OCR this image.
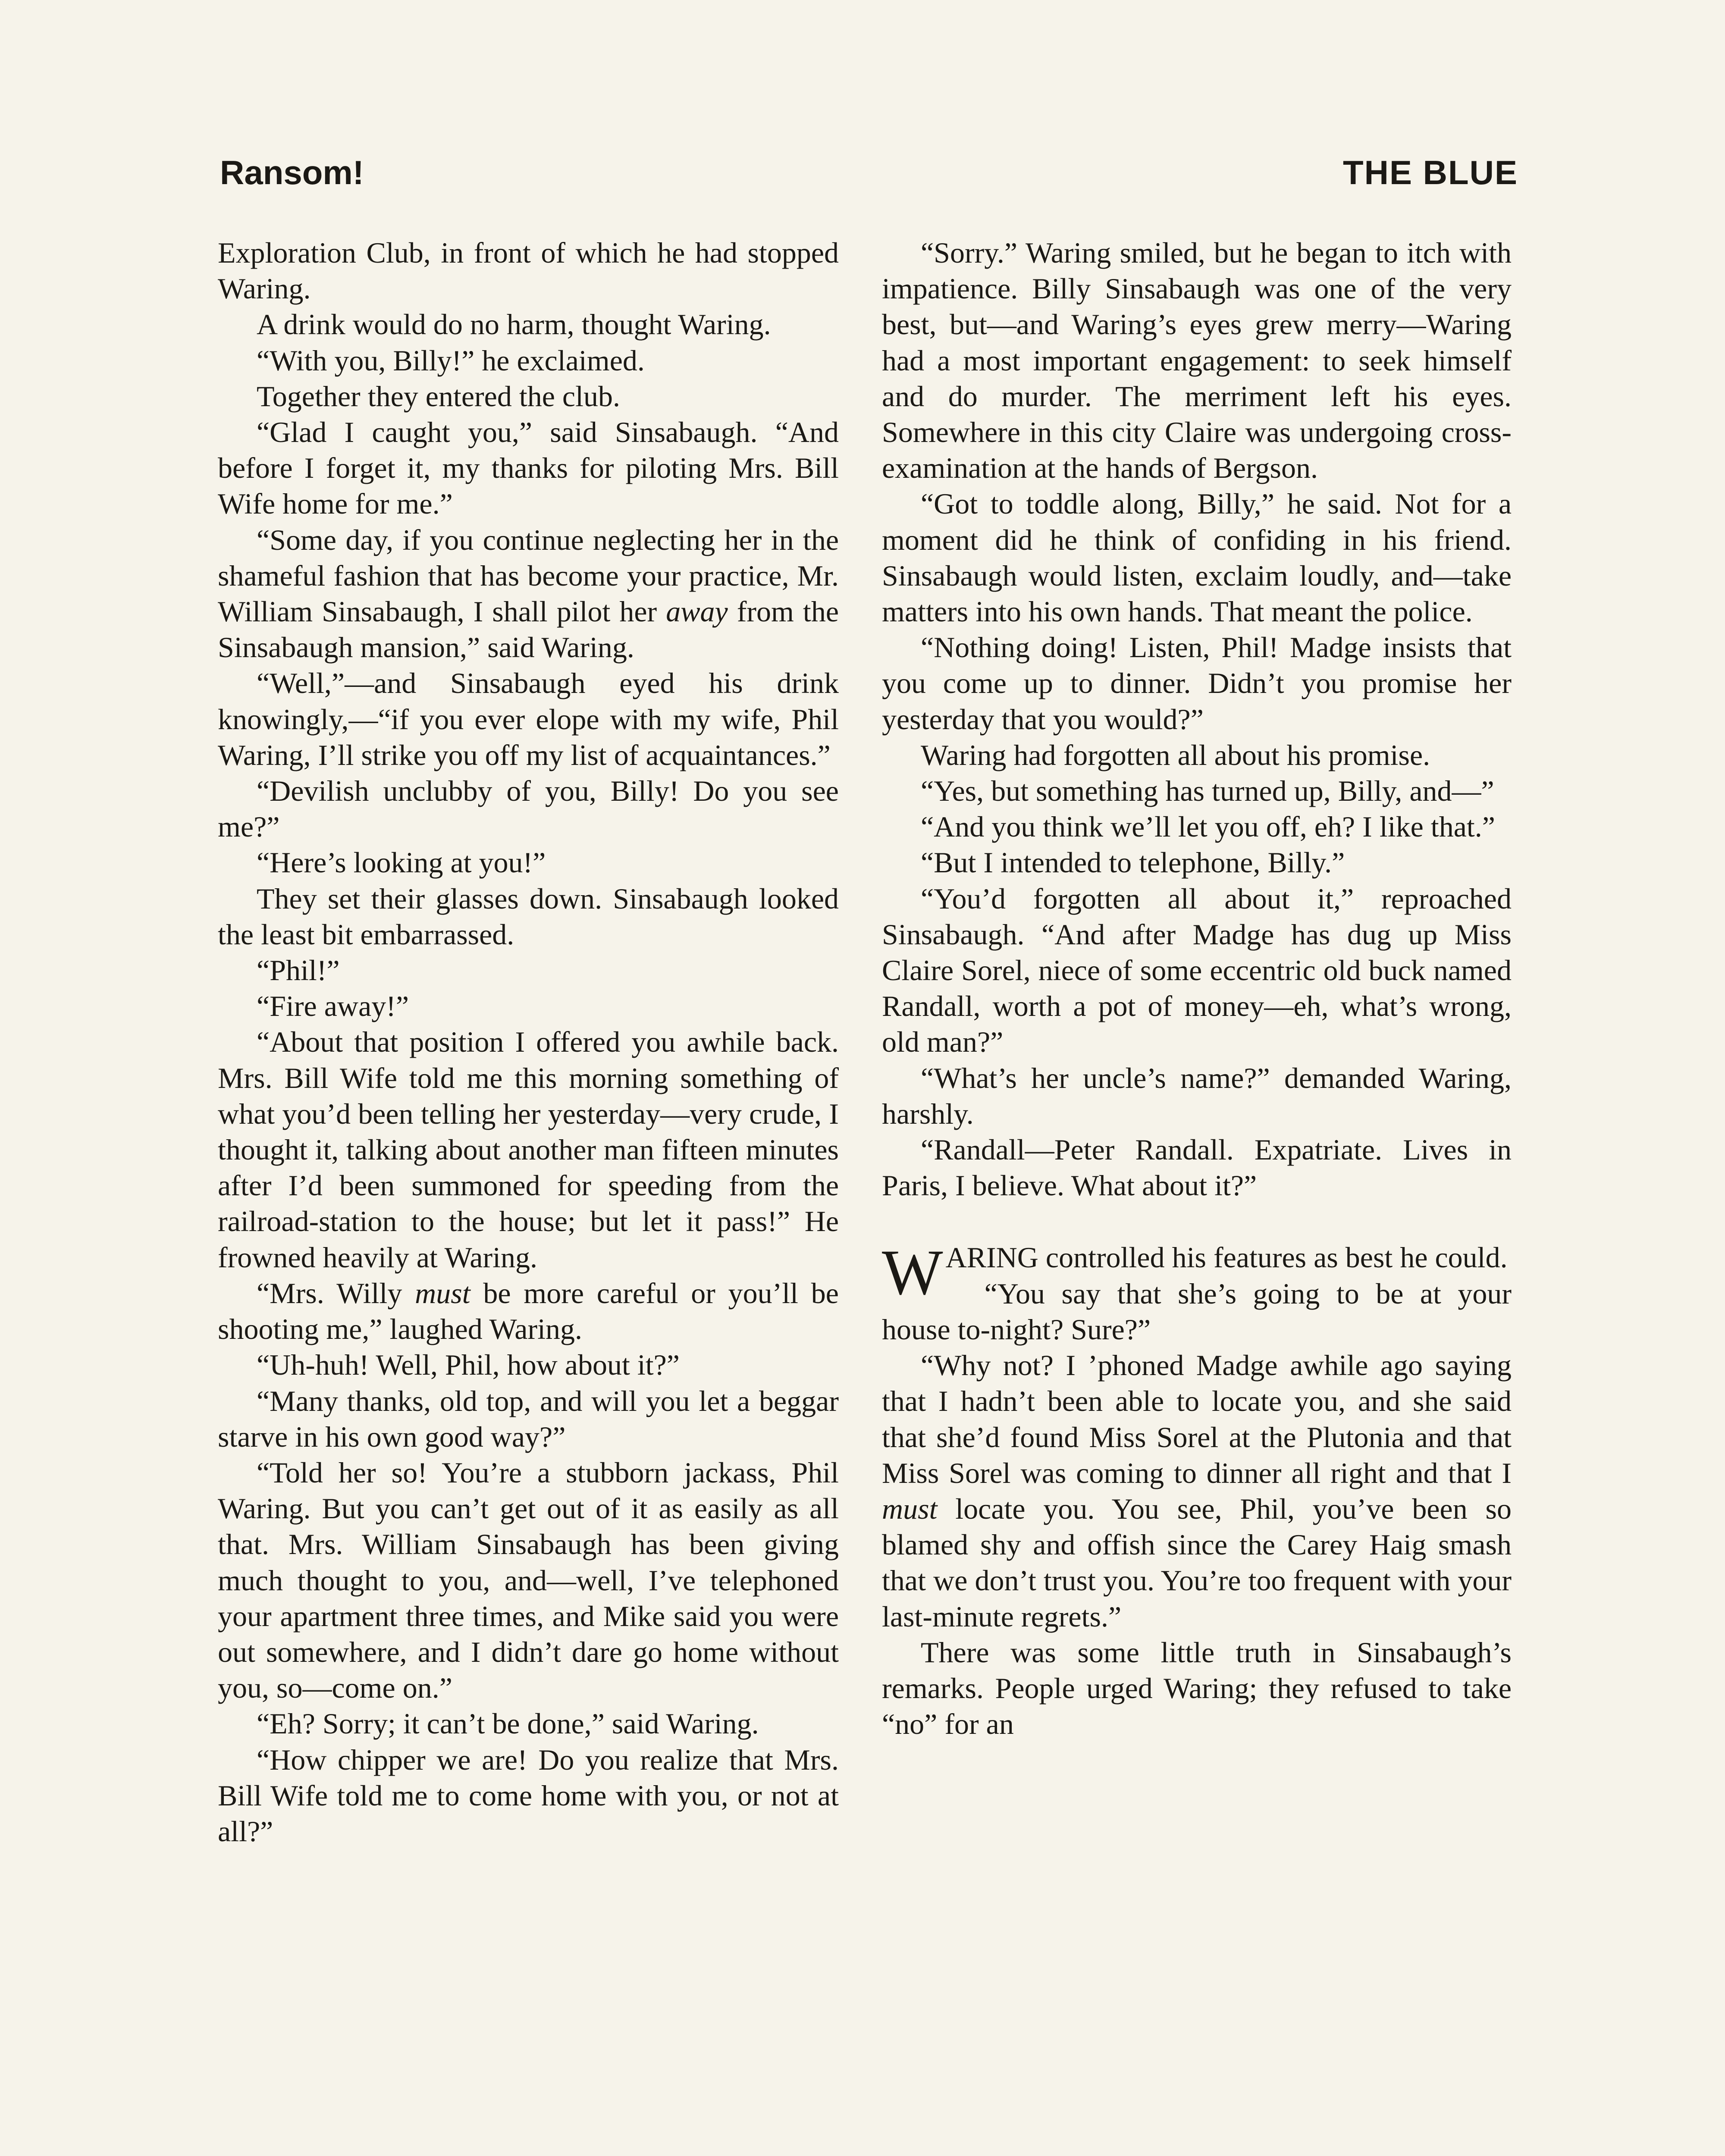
Ransom!	THE BLUE

Exploration Club, in front of which he had stopped Waring.

A drink would do no harm, thought Waring.

“With you, Billy!” he exclaimed.

Together they entered the club.

“Glad I caught you,” said Sinsabaugh. “And before I forget it, my thanks for piloting Mrs. Bill Wife home for me.”

“Some day, if you continue neglecting her in the shameful fashion that has become your practice, Mr. William Sinsabaugh, I shall pilot her away from the Sinsabaugh mansion,” said Waring.

“Well,”—and Sinsabaugh eyed his drink knowingly,—“if you ever elope with my wife, Phil Waring, I’ll strike you off my list of acquaintances.”

“Devilish unclubby of you, Billy! Do you see me?”

“Here’s looking at you!”

They set their glasses down. Sinsabaugh looked the least bit embarrassed.

“Phil!”

“Fire away!”

“About that position I offered you awhile back. Mrs. Bill Wife told me this morning something of what you’d been telling her yesterday—very crude, I thought it, talking about another man fifteen minutes after I’d been summoned for speeding from the railroad-station to the house; but let it pass!” He frowned heavily at Waring.

“Mrs. Willy must be more careful or you’ll be shooting me,” laughed Waring.

“Uh-huh! Well, Phil, how about it?”

“Many thanks, old top, and will you let a beggar starve in his own good way?”

“Told her so! You’re a stubborn jackass, Phil Waring. But you can’t get out of it as easily as all that. Mrs. William Sinsabaugh has been giving much thought to you, and—well, I’ve telephoned your apartment three times, and Mike said you were out somewhere, and I didn’t dare go home without you, so—come on.”

“Eh? Sorry; it can’t be done,” said Waring.

“How chipper we are! Do you realize that Mrs. Bill Wife told me to come home with you, or not at all?”

“Sorry.” Waring smiled, but he began to itch with impatience. Billy Sinsabaugh was one of the very best, but—and Waring’s eyes grew merry—Waring had a most important engagement: to seek himself and do murder. The merriment left his eyes. Somewhere in this city Claire was undergoing cross-examination at the hands of Bergson.

“Got to toddle along, Billy,” he said. Not for a moment did he think of confiding in his friend. Sinsabaugh would listen, exclaim loudly, and—take matters into his own hands. That meant the police.

“Nothing doing! Listen, Phil! Madge insists that you come up to dinner. Didn’t you promise her yesterday that you would?”

Waring had forgotten all about his promise.

“Yes, but something has turned up, Billy, and—”

“And you think we’ll let you off, eh? I like that.”

“But I intended to telephone, Billy.”

“You’d forgotten all about it,” reproached Sinsabaugh. “And after Madge has dug up Miss Claire Sorel, niece of some eccentric old buck named Randall, worth a pot of money—eh, what’s wrong, old man?”

“What’s her uncle’s name?” demanded Waring, harshly.

“Randall—Peter Randall. Expatriate. Lives in Paris, I believe. What about it?”

WARING controlled his features as best he could.

“You say that she’s going to be at your house to-night? Sure?”

“Why not? I ’phoned Madge awhile ago saying that I hadn’t been able to locate you, and she said that she’d found Miss Sorel at the Plutonia and that Miss Sorel was coming to dinner all right and that I must locate you. You see, Phil, you’ve been so blamed shy and offish since the Carey Haig smash that we don’t trust you. You’re too frequent with your last-minute regrets.”

There was some little truth in Sinsabaugh’s remarks. People urged Waring; they refused to take “no” for an
